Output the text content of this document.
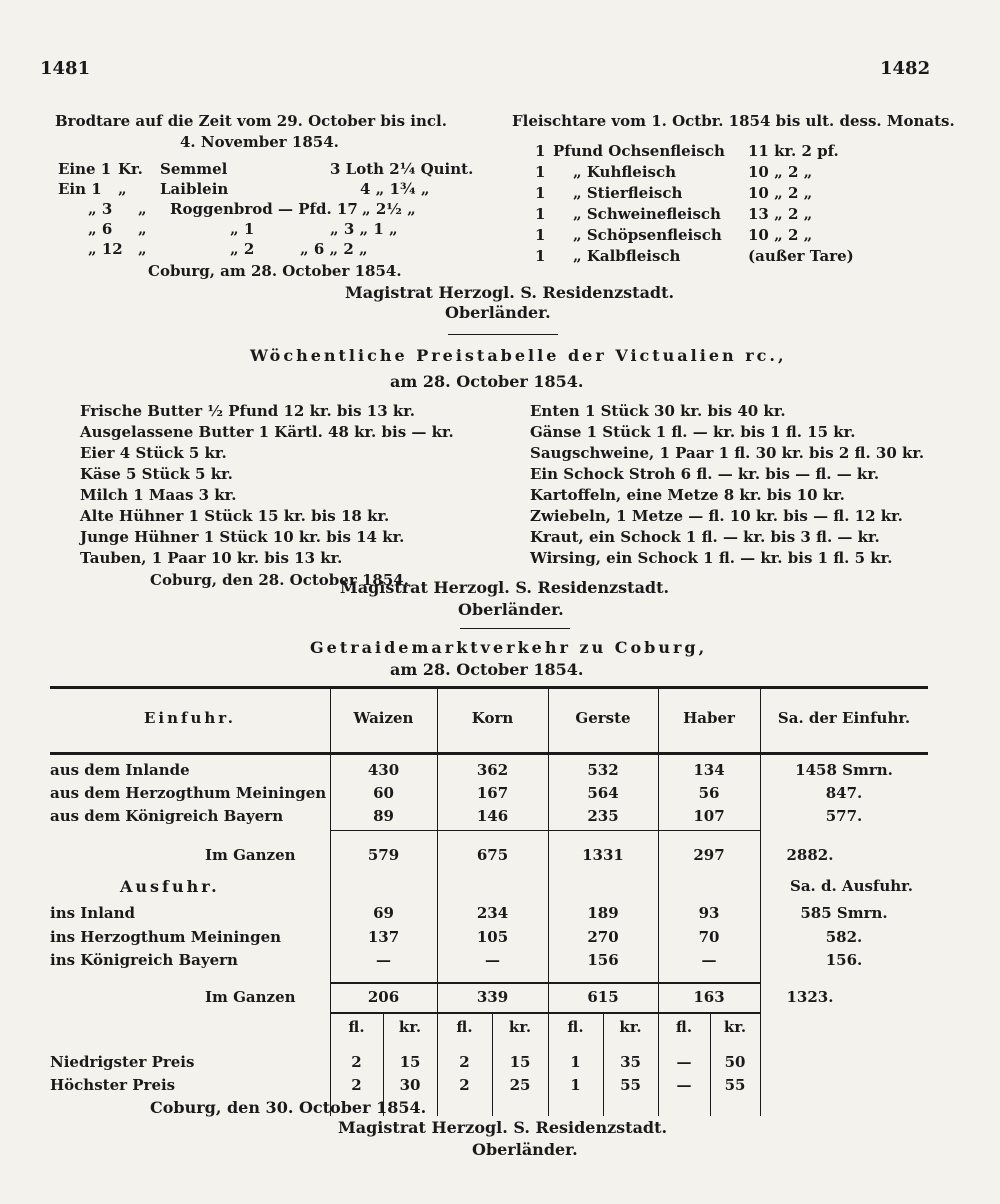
1481	1482
Brodtare auf die Zeit vom 29. October bis incl.
4. November 1854.
Eine 1 Kr. Semmel	3 Loth 2¼ Quint.
Ein 1 „ Laiblein	4 „ 1¾ „
„ 3 „ Roggenbrod — Pfd. 17 „ 2½ „
„ 6 „	„ 1	„ 3 „ 1 „
„ 12 „	„ 2	„ 6 „ 2 „
Coburg, am 28. October 1854.
Fleischtare vom 1. Octbr. 1854 bis ult. dess. Monats.
1 Pfund Ochsenfleisch 11 kr. 2 pf.
1 „ Kuhfleisch	10 „ 2 „
1 „ Stierfleisch	10 „ 2 „
1 „ Schweinefleisch 13 „ 2 „
1 „ Schöpsenfleisch 10 „ 2 „
1 „ Kalbfleisch	(außer Tare)
Magistrat Herzogl. S. Residenzstadt.
Oberländer.
Wöchentliche Preistabelle der Victualien rc.,
am 28. October 1854.
Frische Butter ½ Pfund 12 kr. bis 13 kr.
Ausgelassene Butter 1 Kärtl. 48 kr. bis — kr.
Eier 4 Stück 5 kr.
Käse 5 Stück 5 kr.
Milch 1 Maas 3 kr.
Alte Hühner 1 Stück 15 kr. bis 18 kr.
Junge Hühner 1 Stück 10 kr. bis 14 kr.
Tauben, 1 Paar 10 kr. bis 13 kr.
Enten 1 Stück 30 kr. bis 40 kr.
Gänse 1 Stück 1 fl. — kr. bis 1 fl. 15 kr.
Saugschweine, 1 Paar 1 fl. 30 kr. bis 2 fl. 30 kr.
Ein Schock Stroh 6 fl. — kr. bis — fl. — kr.
Kartoffeln, eine Metze 8 kr. bis 10 kr.
Zwiebeln, 1 Metze — fl. 10 kr. bis — fl. 12 kr.
Kraut, ein Schock 1 fl. — kr. bis 3 fl. — kr.
Wirsing, ein Schock 1 fl. — kr. bis 1 fl. 5 kr.
Coburg, den 28. October 1854.
Magistrat Herzogl. S. Residenzstadt.
Oberländer.
Getraidemarktverkehr zu Coburg,
am 28. October 1854.
Einfuhr.	Waizen	Korn	Gerste	Haber	Sa. der Einfuhr.
aus dem Inlande	430	362	532	134	1458 Smrn.
aus dem Herzogthum Meiningen	60	167	564	56	847.
aus dem Königreich Bayern	89	146	235	107	577.
Im Ganzen	579	675	1331	297	2882.
Ausfuhr.	Sa. d. Ausfuhr.
ins Inland	69	234	189	93	585 Smrn.
ins Herzogthum Meiningen	137	105	270	70	582.
ins Königreich Bayern	—	—	156	—	156.
Im Ganzen	206	339	615	163	1323.
fl.	kr.	fl.	kr.	fl.	kr.	fl.	kr.
Niedrigster Preis	2	15	2	15	1	35	—	50
Höchster Preis	2	30	2	25	1	55	—	55
Coburg, den 30. October 1854.
Magistrat Herzogl. S. Residenzstadt.
Oberländer.
